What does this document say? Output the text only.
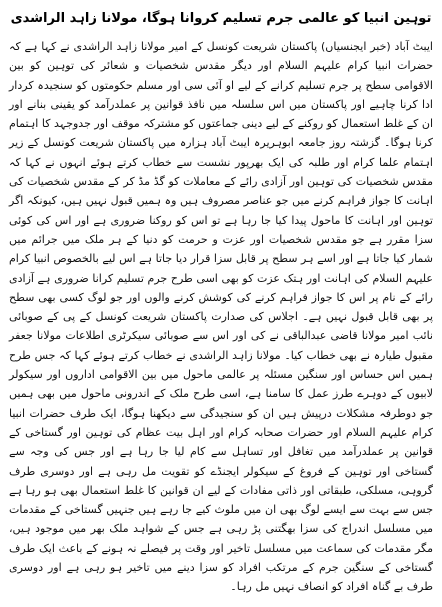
توہین انبیا کو عالمی جرم تسلیم کروانا ہوگا، مولانا زاہد الراشدی

ایبٹ آباد (خبر ایجنسیاں) پاکستان شریعت کونسل کے امیر مولانا زاہد الراشدی نے کہا ہے کہ حضرات انبیا کرام علیہم السلام اور دیگر مقدس شخصیات و شعائر کی توہین کو بین الاقوامی سطح پر جرم تسلیم کرانے کے لیے او آئی سی اور مسلم حکومتوں کو سنجیدہ کردار ادا کرنا چاہیے اور پاکستان میں اس سلسلہ میں نافذ قوانین پر عملدرآمد کو یقینی بنانے اور ان کے غلط استعمال کو روکنے کے لیے دینی جماعتوں کو مشترکہ موقف اور جدوجہد کا اہتمام کرنا ہوگا۔ گزشتہ روز جامعہ ابوہریرہ ایبٹ آباد ہزارہ میں پاکستان شریعت کونسل کے زیر اہتمام علما کرام اور طلبہ کی ایک بھرپور نشست سے خطاب کرتے ہوئے انہوں نے کہا کہ مقدس شخصیات کی توہین اور آزادی رائے کے معاملات کو گڈ مڈ کر کے مقدس شخصیات کی اہانت کا جواز فراہم کرنے میں جو عناصر مصروف ہیں وہ ہمیں قبول نہیں ہیں، کیونکہ اگر توہین اور اہانت کا ماحول پیدا کیا جا رہا ہے تو اس کو روکنا ضروری ہے اور اس کی کوئی سزا مقرر ہے جو مقدس شخصیات اور عزت و حرمت کو دنیا کے ہر ملک میں جرائم میں شمار کیا جاتا ہے اور اسے ہر سطح پر قابل سزا قرار دیا جاتا ہے اس لیے بالخصوص انبیا کرام علیہم السلام کی اہانت اور ہتک عزت کو بھی اسی طرح جرم تسلیم کرانا ضروری ہے آزادی رائے کے نام پر اس کا جواز فراہم کرنے کی کوشش کرنے والوں اور جو لوگ کسی بھی سطح پر بھی قابل قبول نہیں ہے۔ اجلاس کی صدارت پاکستان شریعت کونسل کے پی کے صوبائی نائب امیر مولانا قاضی عبدالباقی نے کی اور اس سے صوبائی سیکرٹری اطلاعات مولانا جعفر مقبول طیارہ نے بھی خطاب کیا۔ مولانا زاہد الراشدی نے خطاب کرتے ہوئے کہا کہ جس طرح ہمیں اس حساس اور سنگین مسئلہ پر عالمی ماحول میں بین الاقوامی اداروں اور سیکولر لابیوں کے دوہرے طرز عمل کا سامنا ہے، اسی طرح ملک کے اندرونی ماحول میں بھی ہمیں جو دوطرفہ مشکلات درپیش ہیں ان کو سنجیدگی سے دیکھنا ہوگا، ایک طرف حضرات انبیا کرام علیہم السلام اور حضرات صحابہ کرام اور اہل بیت عظام کی توہین اور گستاخی کے قوانین پر عملدرآمد میں تغافل اور تساہل سے کام لیا جا رہا ہے اور جس کی وجہ سے گستاخی اور توہین کے فروغ کے سیکولر ایجنڈے کو تقویت مل رہی ہے اور دوسری طرف گروہی، مسلکی، طبقاتی اور ذاتی مفادات کے لیے ان قوانین کا غلط استعمال بھی ہو رہا ہے جس سے بہت سے ایسے لوگ بھی ان میں ملوث کیے جا رہے ہیں جنہیں گستاخی کے مقدمات میں مسلسل اندراج کی سزا بھگتنی پڑ رہی ہے جس کے شواہد ملک بھر میں موجود ہیں، مگر مقدمات کی سماعت میں مسلسل تاخیر اور وقت پر فیصلے نہ ہونے کے باعث ایک طرف گستاخی کے سنگین جرم کے مرتکب افراد کو سزا دینے میں تاخیر ہو رہی ہے اور دوسری طرف بے گناہ افراد کو انصاف نہیں مل رہا۔
